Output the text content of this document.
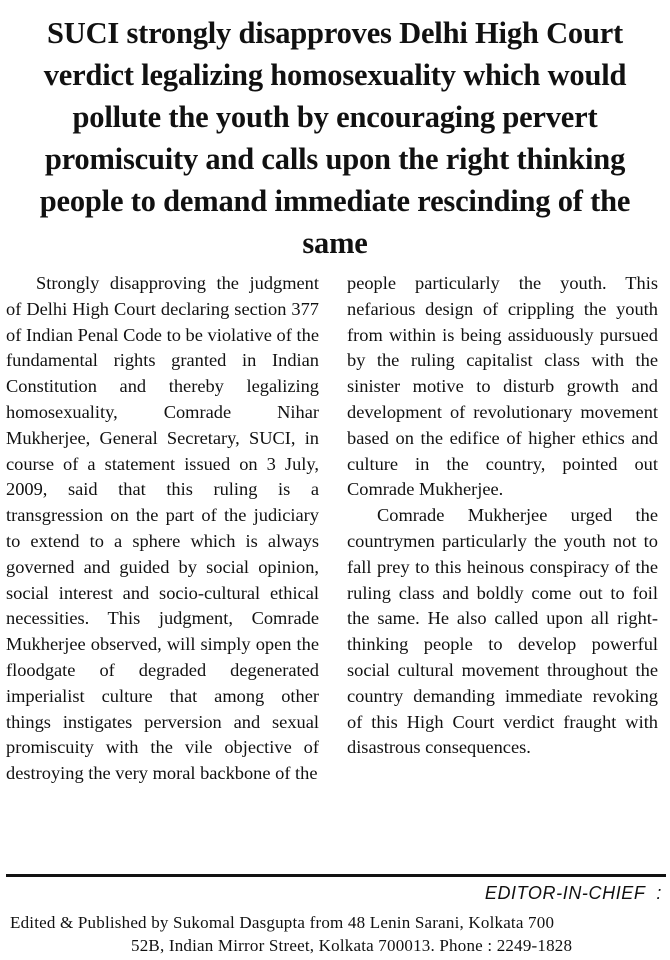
SUCI strongly disapproves Delhi High Court verdict legalizing homosexuality which would pollute the youth by encouraging pervert promiscuity and calls upon the right thinking people to demand immediate rescinding of the same

Strongly disapproving the judgment of Delhi High Court declaring section 377 of Indian Penal Code to be violative of the fundamental rights granted in Indian Constitution and thereby legalizing homosexuality, Comrade Nihar Mukherjee, General Secretary, SUCI, in course of a statement issued on 3 July, 2009, said that this ruling is a transgression on the part of the judiciary to extend to a sphere which is always governed and guided by social opinion, social interest and socio-cultural ethical necessities. This judgment, Comrade Mukherjee observed, will simply open the floodgate of degraded degenerated imperialist culture that among other things instigates perversion and sexual promiscuity with the vile objective of destroying the very moral backbone of the

people particularly the youth. This nefarious design of crippling the youth from within is being assiduously pursued by the ruling capitalist class with the sinister motive to disturb growth and development of revolutionary movement based on the edifice of higher ethics and culture in the country, pointed out Comrade Mukherjee.

Comrade Mukherjee urged the countrymen particularly the youth not to fall prey to this heinous conspiracy of the ruling class and boldly come out to foil the same. He also called upon all right-thinking people to develop powerful social cultural movement throughout the country demanding immediate revoking of this High Court verdict fraught with disastrous consequences.

EDITOR-IN-CHIEF  :
Edited & Published by Sukomal Dasgupta from 48 Lenin Sarani, Kolkata 700
52B, Indian Mirror Street, Kolkata 700013. Phone : 2249-1828
